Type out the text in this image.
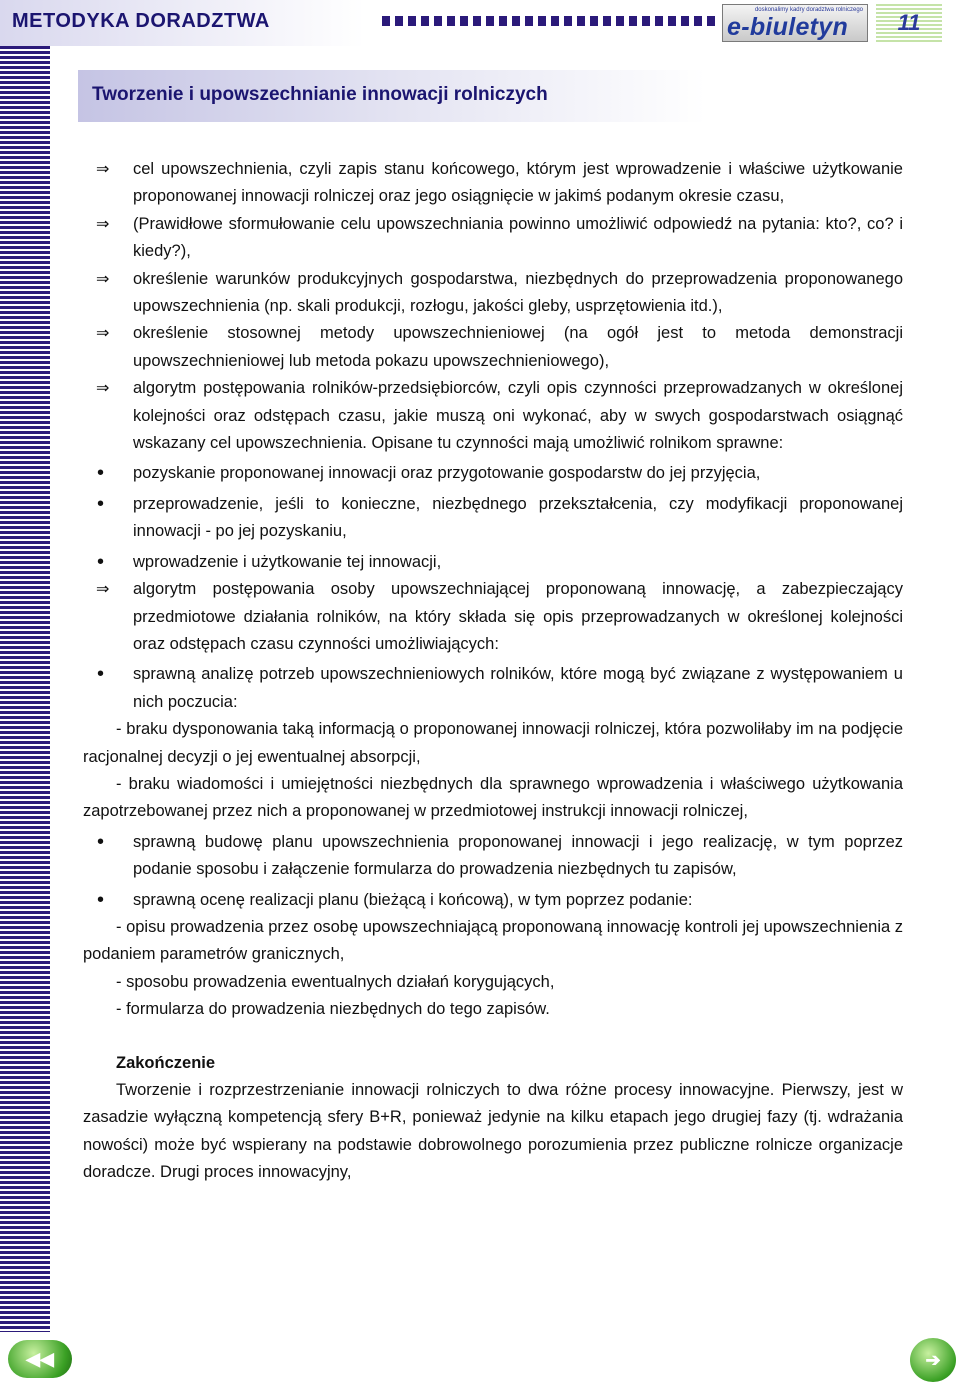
METODYKA DORADZTWA	doskonalimy kadry doradztwa rolniczego
e-biuletyn	11
Tworzenie i upowszechnianie innowacji rolniczych
⇒ cel upowszechnienia, czyli zapis stanu końcowego, którym jest wprowadzenie i właściwe użytkowanie proponowanej innowacji rolniczej oraz jego osiągnięcie w jakimś podanym okresie czasu,
⇒ (Prawidłowe sformułowanie celu upowszechniania powinno umożliwić odpowiedź na pytania: kto?, co? i kiedy?),
⇒ określenie warunków produkcyjnych gospodarstwa, niezbędnych do przeprowadzenia proponowanego upowszechnienia (np. skali produkcji, rozłogu, jakości gleby, usprzętowienia itd.),
⇒ określenie stosownej metody upowszechnieniowej (na ogół jest to metoda demonstracji upowszechnieniowej lub metoda pokazu upowszechnieniowego),
⇒ algorytm postępowania rolników-przedsiębiorców, czyli opis czynności przeprowadzanych w określonej kolejności oraz odstępach czasu, jakie muszą oni wykonać, aby w swych gospodarstwach osiągnąć wskazany cel upowszechnienia. Opisane tu czynności mają umożliwić rolnikom sprawne:
• pozyskanie proponowanej innowacji oraz przygotowanie gospodarstw do jej przyjęcia,
• przeprowadzenie, jeśli to konieczne, niezbędnego przekształcenia, czy modyfikacji proponowanej innowacji - po jej pozyskaniu,
• wprowadzenie i użytkowanie tej innowacji,
⇒ algorytm postępowania osoby upowszechniającej proponowaną innowację, a zabezpieczający przedmiotowe działania rolników, na który składa się opis przeprowadzanych w określonej kolejności oraz odstępach czasu czynności umożliwiających:
• sprawną analizę potrzeb upowszechnieniowych rolników, które mogą być związane z występowaniem u nich poczucia:
- braku dysponowania taką informacją o proponowanej innowacji rolniczej, która pozwoliłaby im na podjęcie racjonalnej decyzji o jej ewentualnej absorpcji,
- braku wiadomości i umiejętności niezbędnych dla sprawnego wprowadzenia i właściwego użytkowania zapotrzebowanej przez nich a proponowanej w przedmiotowej instrukcji innowacji rolniczej,
• sprawną budowę planu upowszechnienia proponowanej innowacji i jego realizację, w tym poprzez podanie sposobu i załączenie formularza do prowadzenia niezbędnych tu zapisów,
• sprawną ocenę realizacji planu (bieżącą i końcową), w tym poprzez podanie:
- opisu prowadzenia przez osobę upowszechniającą proponowaną innowację kontroli jej upowszechnienia z podaniem parametrów granicznych,
- sposobu prowadzenia ewentualnych działań korygujących,
- formularza do prowadzenia niezbędnych do tego zapisów.
Zakończenie
Tworzenie i rozprzestrzenianie innowacji rolniczych to dwa różne procesy innowacyjne. Pierwszy, jest w zasadzie wyłączną kompetencją sfery B+R, ponieważ jedynie na kilku etapach jego drugiej fazy (tj. wdrażania nowości) może być wspierany na podstawie dobrowolnego porozumienia przez publiczne rolnicze organizacje doradcze. Drugi proces innowacyjny,
◀◀	➔
